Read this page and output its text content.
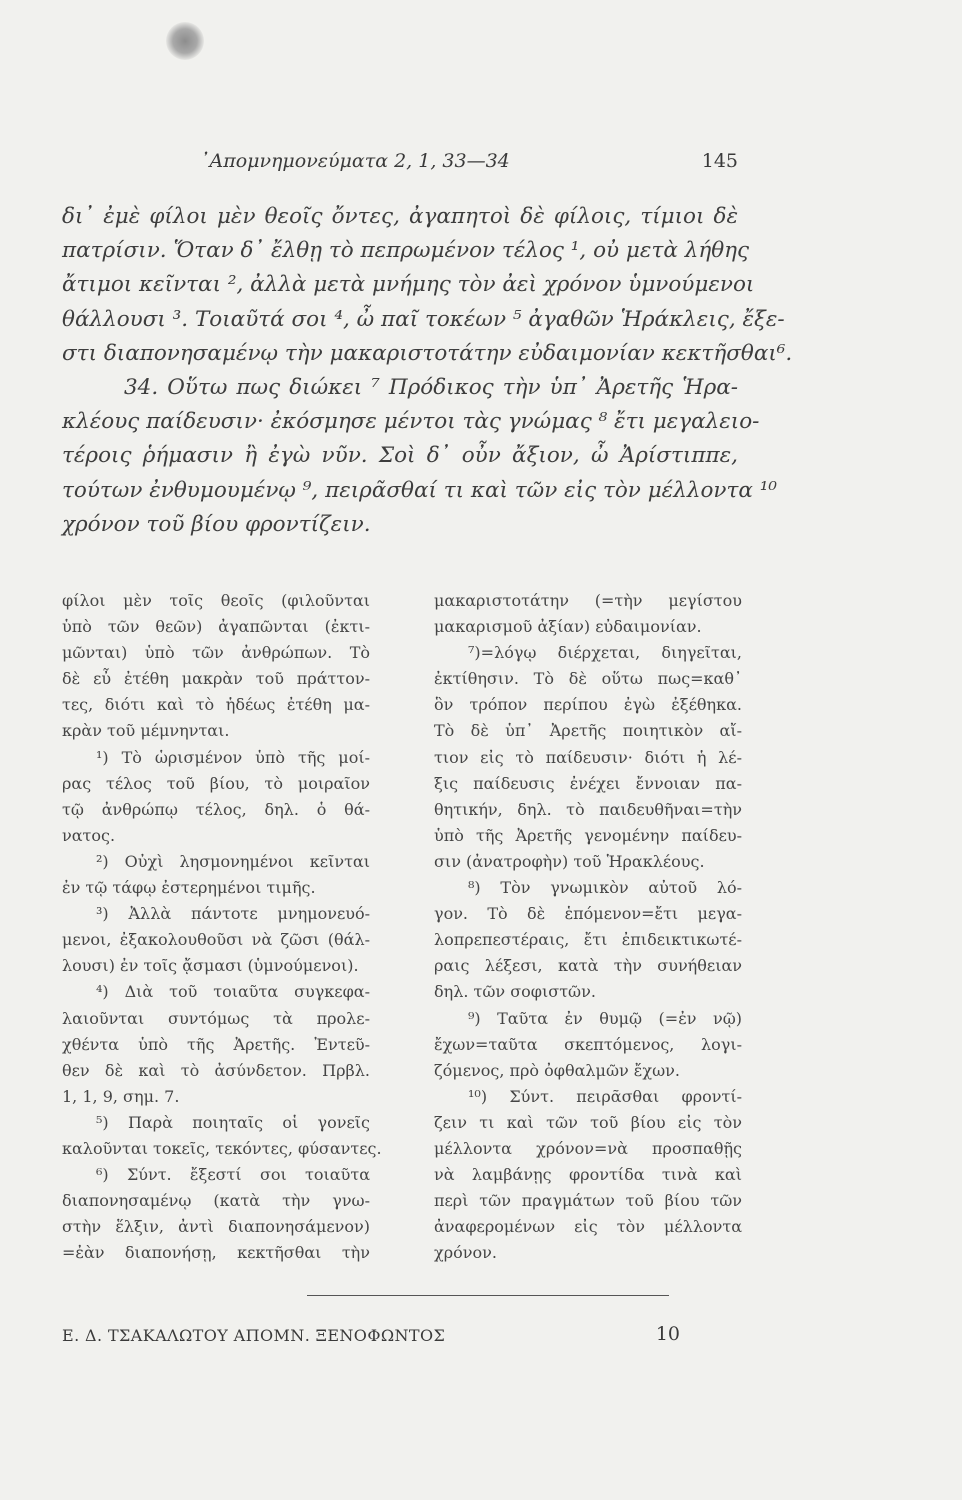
᾿Απομνημονεύματα 2, 1, 33—34	145
δι᾿ ἐμὲ φίλοι μὲν θεοῖς ὄντες, ἀγαπητοὶ δὲ φίλοις, τίμιοι δὲ
πατρίσιν. Ὅταν δ᾿ ἔλθῃ τὸ πεπρωμένον τέλος ¹, οὐ μετὰ λήθης
ἄτιμοι κεῖνται ², ἀλλὰ μετὰ μνήμης τὸν ἀεὶ χρόνον ὑμνούμενοι
θάλλουσι ³. Τοιαῦτά σοι ⁴, ὦ παῖ τοκέων ⁵ ἀγαθῶν Ἡράκλεις, ἔξε-
στι διαπονησαμένῳ τὴν μακαριστοτάτην εὐδαιμονίαν κεκτῆσθαι⁶.
34. Οὕτω πως διώκει ⁷ Πρόδικος τὴν ὑπ᾿ Ἀρετῆς Ἡρα-
κλέους παίδευσιν· ἐκόσμησε μέντοι τὰς γνώμας ⁸ ἔτι μεγαλειο-
τέροις ῥήμασιν ἢ ἐγὼ νῦν. Σοὶ δ᾿ οὖν ἄξιον, ὦ Ἀρίστιππε,
τούτων ἐνθυμουμένῳ ⁹, πειρᾶσθαί τι καὶ τῶν εἰς τὸν μέλλοντα ¹⁰
χρόνον τοῦ βίου φροντίζειν.
φίλοι μὲν τοῖς θεοῖς (φιλοῦνται
ὑπὸ τῶν θεῶν) ἀγαπῶνται (ἐκτι-
μῶνται) ὑπὸ τῶν ἀνθρώπων. Τὸ
δὲ εὖ ἐτέθη μακρὰν τοῦ πράττον-
τες, διότι καὶ τὸ ἡδέως ἐτέθη μα-
κρὰν τοῦ μέμνηνται.
¹) Τὸ ὡρισμένον ὑπὸ τῆς μοί-
ρας τέλος τοῦ βίου, τὸ μοιραῖον
τῷ ἀνθρώπῳ τέλος, δηλ. ὁ θά-
νατος.
²) Οὐχὶ λησμονημένοι κεῖνται
ἐν τῷ τάφῳ ἐστερημένοι τιμῆς.
³) Ἀλλὰ πάντοτε μνημονευό-
μενοι, ἐξακολουθοῦσι νὰ ζῶσι (θάλ-
λουσι) ἐν τοῖς ᾄσμασι (ὑμνούμενοι).
⁴) Διὰ τοῦ τοιαῦτα συγκεφα-
λαιοῦνται συντόμως τὰ προλε-
χθέντα ὑπὸ τῆς Ἀρετῆς. Ἐντεῦ-
θεν δὲ καὶ τὸ ἀσύνδετον. Πρβλ.
1, 1, 9, σημ. 7.
⁵) Παρὰ ποιηταῖς οἱ γονεῖς
καλοῦνται τοκεῖς, τεκόντες, φύσαντες.
⁶) Σύντ. ἔξεστί σοι τοιαῦτα
διαπονησαμένῳ (κατὰ τὴν γνω-
στὴν ἕλξιν, ἀντὶ διαπονησάμενον)
=ἐὰν διαπονήσῃ, κεκτῆσθαι τὴν
μακαριστοτάτην (=τὴν μεγίστου
μακαρισμοῦ ἀξίαν) εὐδαιμονίαν.
⁷)=λόγῳ διέρχεται, διηγεῖται,
ἐκτίθησιν. Τὸ δὲ οὕτω πως=καθ᾿
ὃν τρόπον περίπου ἐγὼ ἐξέθηκα.
Τὸ δὲ ὑπ᾿ Ἀρετῆς ποιητικὸν αἴ-
τιον εἰς τὸ παίδευσιν· διότι ἡ λέ-
ξις παίδευσις ἐνέχει ἔννοιαν πα-
θητικήν, δηλ. τὸ παιδευθῆναι=τὴν
ὑπὸ τῆς Ἀρετῆς γενομένην παίδευ-
σιν (ἀνατροφὴν) τοῦ Ἡρακλέους.
⁸) Τὸν γνωμικὸν αὐτοῦ λό-
γον. Τὸ δὲ ἑπόμενον=ἔτι μεγα-
λοπρεπεστέραις, ἔτι ἐπιδεικτικωτέ-
ραις λέξεσι, κατὰ τὴν συνήθειαν
δηλ. τῶν σοφιστῶν.
⁹) Ταῦτα ἐν θυμῷ (=ἐν νῷ)
ἔχων=ταῦτα σκεπτόμενος, λογι-
ζόμενος, πρὸ ὀφθαλμῶν ἔχων.
¹⁰) Σύντ. πειρᾶσθαι φροντί-
ζειν τι καὶ τῶν τοῦ βίου εἰς τὸν
μέλλοντα χρόνον=νὰ προσπαθῇς
νὰ λαμβάνῃς φροντίδα τινὰ καὶ
περὶ τῶν πραγμάτων τοῦ βίου τῶν
ἀναφερομένων εἰς τὸν μέλλοντα
χρόνον.
Ε. Δ. ΤΣΑΚΑΛΩΤΟΥ ΑΠΟΜΝ. ΞΕΝΟΦΩΝΤΟΣ	10
